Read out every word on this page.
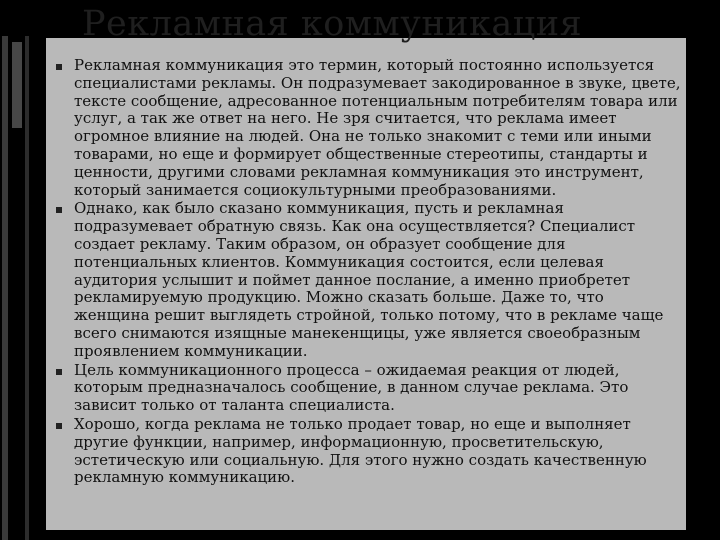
Рекламная коммуникация
Рекламная коммуникация это термин, который постоянно используется специалистами рекламы. Он подразумевает закодированное в звуке, цвете, тексте сообщение, адресованное потенциальным потребителям товара или услуг, а так же ответ на него. Не зря считается, что реклама имеет огромное влияние на людей. Она не только знакомит с теми или иными товарами, но еще и формирует общественные стереотипы, стандарты и ценности, другими словами рекламная коммуникация это инструмент, который занимается социокультурными преобразованиями.
Однако, как было сказано коммуникация, пусть и рекламная подразумевает обратную связь. Как она осуществляется? Специалист создает рекламу. Таким образом, он образует сообщение для потенциальных клиентов. Коммуникация состоится, если целевая аудитория услышит и поймет данное послание, а именно приобретет рекламируемую продукцию. Можно сказать больше. Даже то, что женщина решит выглядеть стройной, только потому, что в рекламе чаще всего снимаются изящные манекенщицы, уже является своеобразным проявлением коммуникации.
Цель коммуникационного процесса – ожидаемая реакция от людей, которым предназначалось сообщение, в данном случае реклама. Это зависит только от таланта специалиста.
Хорошо, когда реклама не только продает товар, но еще и выполняет другие функции, например, информационную, просветительскую, эстетическую или социальную. Для этого нужно создать качественную рекламную коммуникацию.
